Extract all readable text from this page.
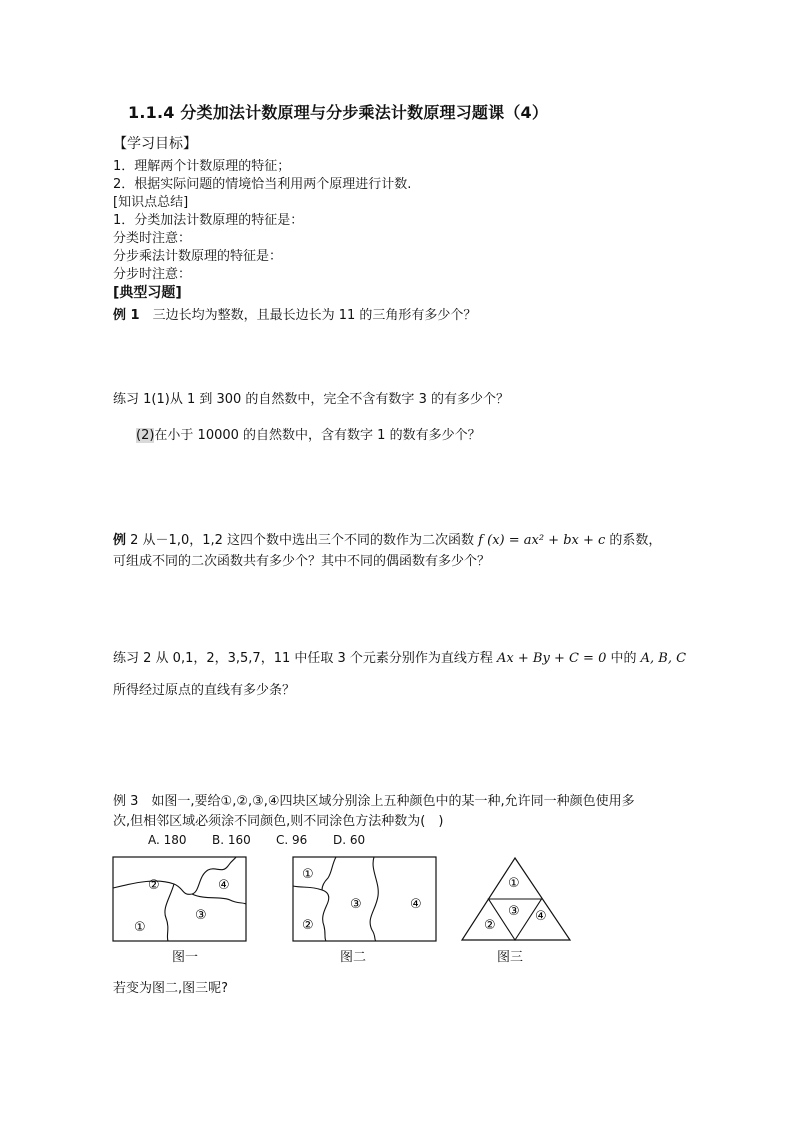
1.1.4 分类加法计数原理与分步乘法计数原理习题课（4）
【学习目标】
1．理解两个计数原理的特征；
2．根据实际问题的情境恰当利用两个原理进行计数.
[知识点总结]
1．分类加法计数原理的特征是：
分类时注意：
分步乘法计数原理的特征是：
分步时注意：
[典型习题]
例 1　三边长均为整数，且最长边长为 11 的三角形有多少个？
练习 1(1)从 1 到 300 的自然数中，完全不含有数字 3 的有多少个？
(2)在小于 10000 的自然数中，含有数字 1 的数有多少个？
例 2 从－1,0，1,2 这四个数中选出三个不同的数作为二次函数 f (x) = ax² + bx + c 的系数，
可组成不同的二次函数共有多少个？其中不同的偶函数有多少个？
练习 2 从 0,1，2，3,5,7，11 中任取 3 个元素分别作为直线方程 Ax + By + C = 0 中的 A, B, C
所得经过原点的直线有多少条？
例 3　如图一,要给①,②,③,④四块区域分别涂上五种颜色中的某一种,允许同一种颜色使用多
次,但相邻区域必须涂不同颜色,则不同涂色方法种数为(　)
A. 180 B. 160 C. 96 D. 60
②	④
③
①
图一
①
③	④
②
图二
①
③
②
④
图三
若变为图二,图三呢?
